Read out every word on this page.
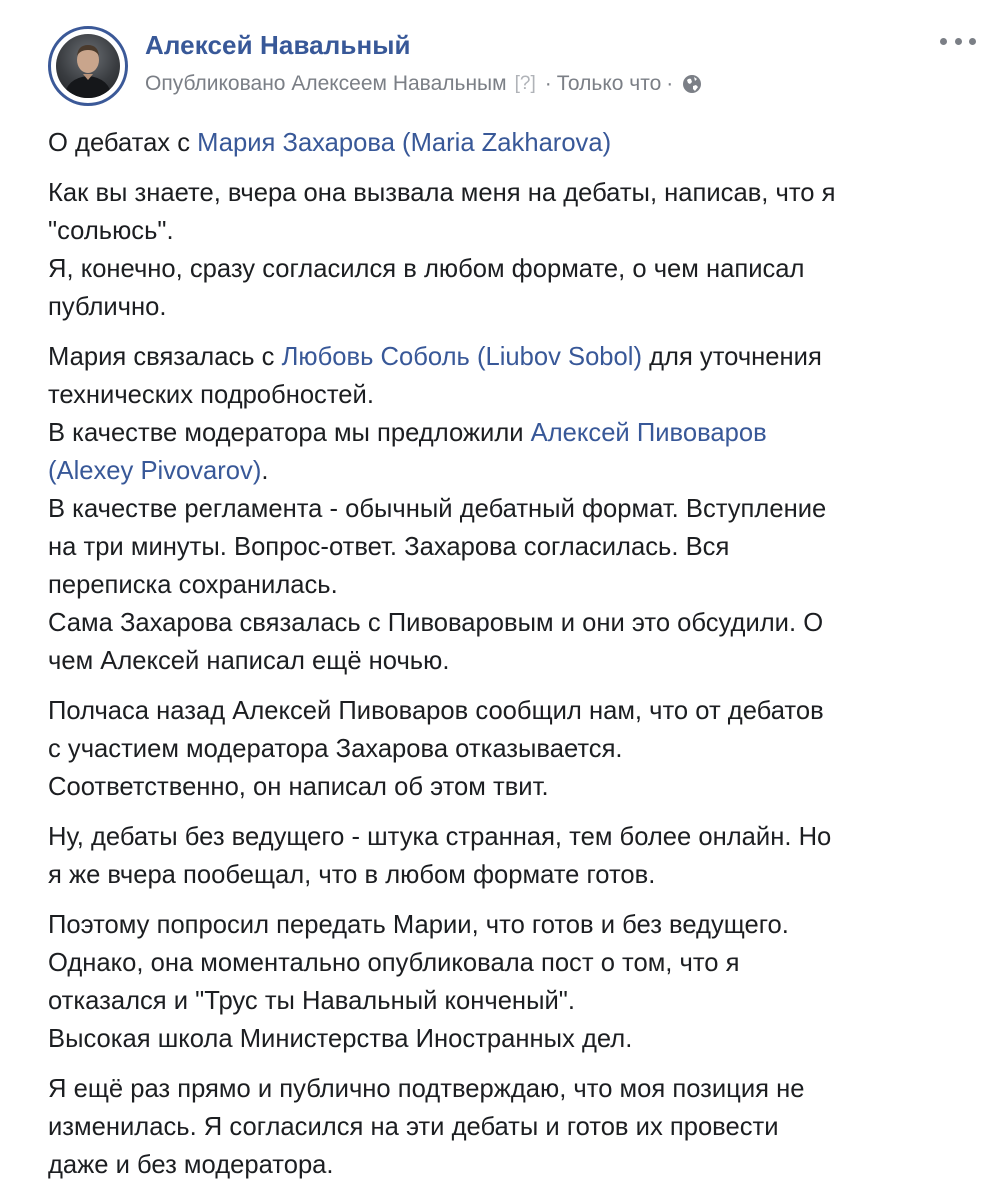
Алексей Навальный
Опубликовано Алексеем Навальным [?] · Только что ·

О дебатах с Мария Захарова (Maria Zakharova)

Как вы знаете, вчера она вызвала меня на дебаты, написав, что я
"сольюсь".
Я, конечно, сразу согласился в любом формате, о чем написал
публично.

Мария связалась с Любовь Соболь (Liubov Sobol) для уточнения
технических подробностей.
В качестве модератора мы предложили Алексей Пивоваров
(Alexey Pivovarov).
В качестве регламента - обычный дебатный формат. Вступление
на три минуты. Вопрос-ответ. Захарова согласилась. Вся
переписка сохранилась.
Сама Захарова связалась с Пивоваровым и они это обсудили. О
чем Алексей написал ещё ночью.

Полчаса назад Алексей Пивоваров сообщил нам, что от дебатов
с участием модератора Захарова отказывается.
Соответственно, он написал об этом твит.

Ну, дебаты без ведущего - штука странная, тем более онлайн. Но
я же вчера пообещал, что в любом формате готов.

Поэтому попросил передать Марии, что готов и без ведущего.
Однако, она моментально опубликовала пост о том, что я
отказался и "Трус ты Навальный конченый".
Высокая школа Министерства Иностранных дел.

Я ещё раз прямо и публично подтверждаю, что моя позиция не
изменилась. Я согласился на эти дебаты и готов их провести
даже и без модератора.
